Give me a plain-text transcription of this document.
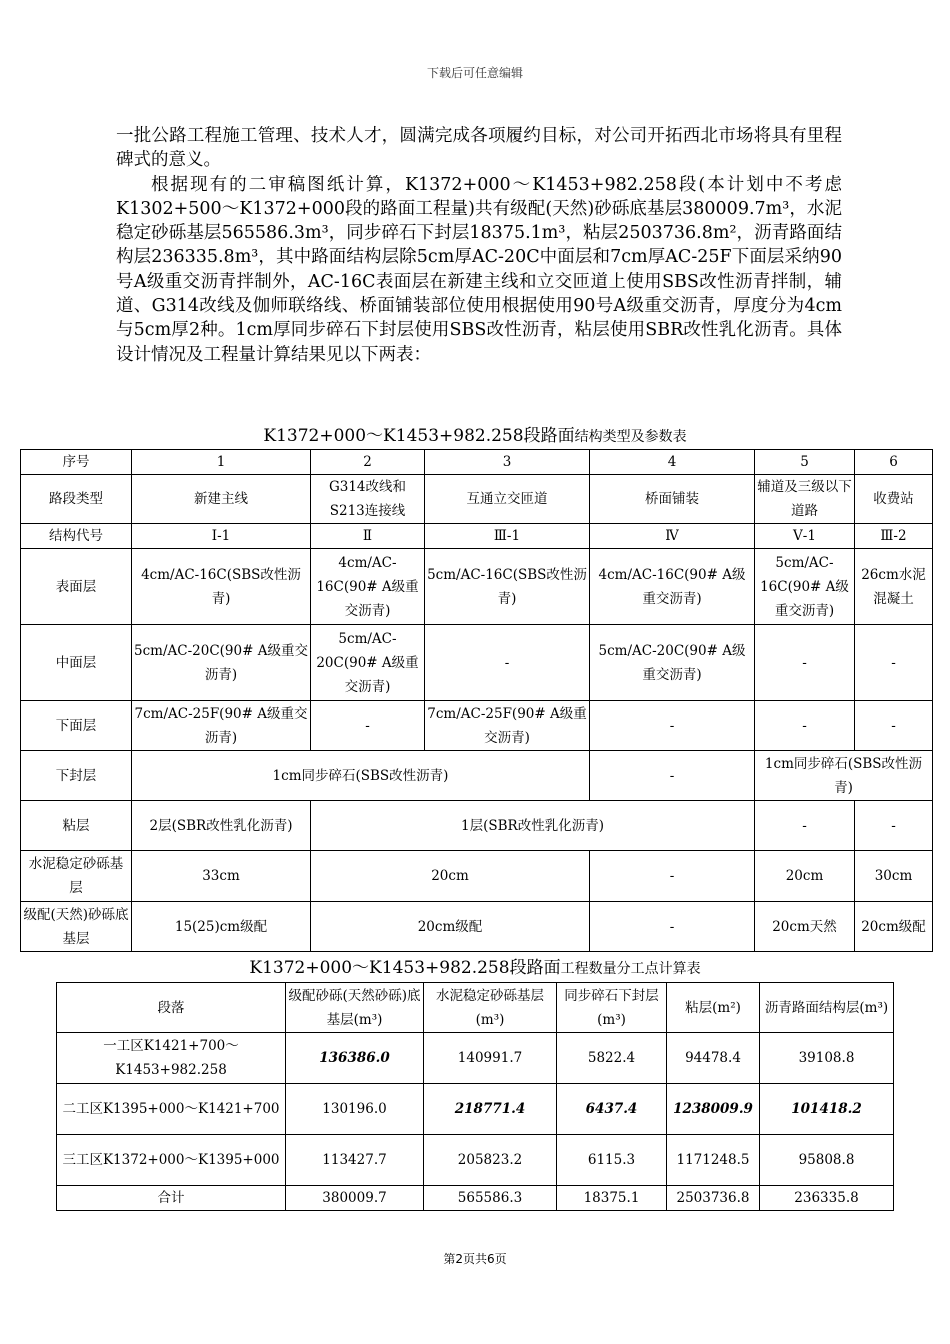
下载后可任意编辑

一批公路工程施工管理、技术人才，圆满完成各项履约目标，对公司开拓西北市场将具有里程碑式的意义。

根据现有的二审稿图纸计算，K1372+000～K1453+982.258段(本计划中不考虑K1302+500～K1372+000段的路面工程量)共有级配(天然)砂砾底基层380009.7m³，水泥稳定砂砾基层565586.3m³，同步碎石下封层18375.1m³，粘层2503736.8m²，沥青路面结构层236335.8m³，其中路面结构层除5cm厚AC-20C中面层和7cm厚AC-25F下面层采纳90号A级重交沥青拌制外，AC-16C表面层在新建主线和立交匝道上使用SBS改性沥青拌制，辅道、G314改线及伽师联络线、桥面铺装部位使用根据使用90号A级重交沥青，厚度分为4cm与5cm厚2种。1cm厚同步碎石下封层使用SBS改性沥青，粘层使用SBR改性乳化沥青。具体设计情况及工程量计算结果见以下两表：

K1372+000～K1453+982.258段路面结构类型及参数表
序号	1	2	3	4	5	6
路段类型	新建主线	G314改线和S213连接线	互通立交匝道	桥面铺装	辅道及三级以下道路	收费站
结构代号	Ⅰ-1	Ⅱ	Ⅲ-1	Ⅳ	Ⅴ-1	Ⅲ-2
表面层	4cm/AC-16C(SBS改性沥青)	4cm/AC-16C(90# A级重交沥青)	5cm/AC-16C(SBS改性沥青)	4cm/AC-16C(90# A级重交沥青)	5cm/AC-16C(90# A级重交沥青)	26cm水泥混凝土
中面层	5cm/AC-20C(90# A级重交沥青)	5cm/AC-20C(90# A级重交沥青)	-	5cm/AC-20C(90# A级重交沥青)	-	-
下面层	7cm/AC-25F(90# A级重交沥青)	-	7cm/AC-25F(90# A级重交沥青)	-	-	-
下封层	1cm同步碎石(SBS改性沥青)			-	1cm同步碎石(SBS改性沥青)	
粘层	2层(SBR改性乳化沥青)	1层(SBR改性乳化沥青)			-	-
水泥稳定砂砾基层	33cm	20cm		-	20cm	30cm
级配(天然)砂砾底基层	15(25)cm级配	20cm级配		-	20cm天然	20cm级配
K1372+000～K1453+982.258段路面工程数量分工点计算表
段落	级配砂砾(天然砂砾)底基层(m³)	水泥稳定砂砾基层(m³)	同步碎石下封层(m³)	粘层(m²)	沥青路面结构层(m³)
一工区K1421+700～K1453+982.258	136386.0	140991.7	5822.4	94478.4	39108.8
二工区K1395+000～K1421+700	130196.0	218771.4	6437.4	1238009.9	101418.2
三工区K1372+000～K1395+000	113427.7	205823.2	6115.3	1171248.5	95808.8
合计	380009.7	565586.3	18375.1	2503736.8	236335.8
第2页共6页
